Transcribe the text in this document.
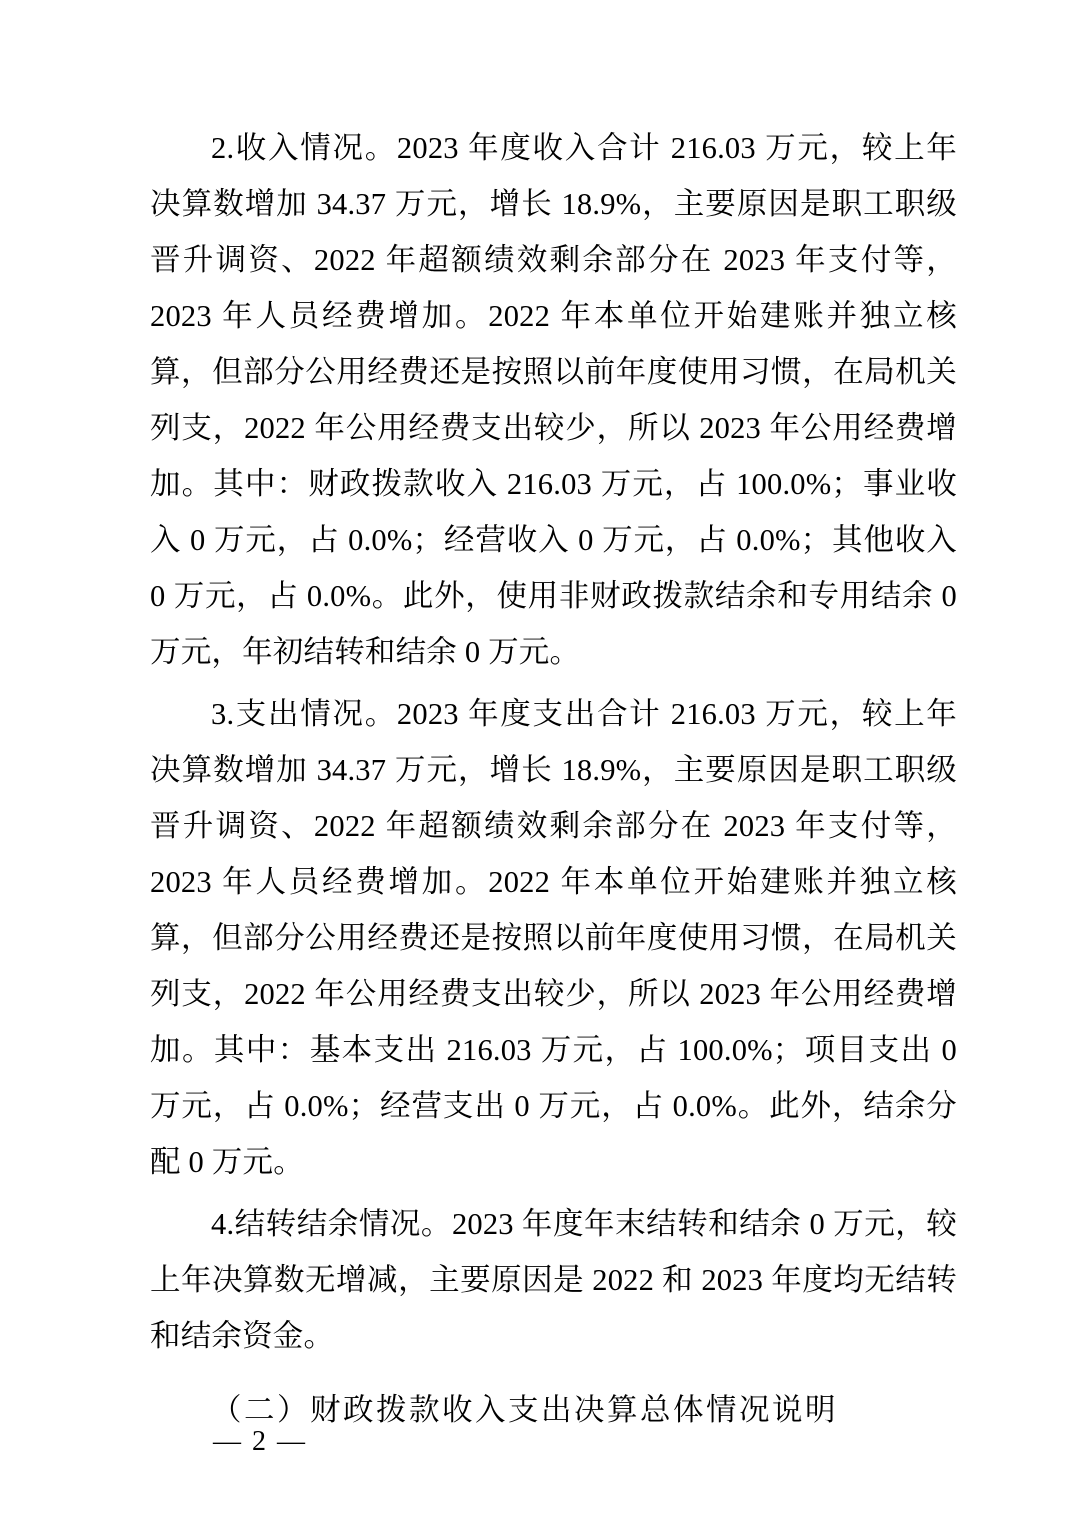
2.收入情况。2023 年度收入合计 216.03 万元，较上年决算数增加 34.37 万元，增长 18.9%，主要原因是职工职级晋升调资、2022 年超额绩效剩余部分在 2023 年支付等，2023 年人员经费增加。2022 年本单位开始建账并独立核算，但部分公用经费还是按照以前年度使用习惯，在局机关列支，2022 年公用经费支出较少，所以 2023 年公用经费增加。其中：财政拨款收入 216.03 万元，占 100.0%；事业收入 0 万元，占 0.0%；经营收入 0 万元，占 0.0%；其他收入 0 万元，占 0.0%。此外，使用非财政拨款结余和专用结余 0 万元，年初结转和结余 0 万元。

3.支出情况。2023 年度支出合计 216.03 万元，较上年决算数增加 34.37 万元，增长 18.9%，主要原因是职工职级晋升调资、2022 年超额绩效剩余部分在 2023 年支付等，2023 年人员经费增加。2022 年本单位开始建账并独立核算，但部分公用经费还是按照以前年度使用习惯，在局机关列支，2022 年公用经费支出较少，所以 2023 年公用经费增加。其中：基本支出 216.03 万元，占 100.0%；项目支出 0 万元，占 0.0%；经营支出 0 万元，占 0.0%。此外，结余分配 0 万元。

4.结转结余情况。2023 年度年末结转和结余 0 万元，较上年决算数无增减，主要原因是 2022 和 2023 年度均无结转和结余资金。

（二）财政拨款收入支出决算总体情况说明

— 2 —
